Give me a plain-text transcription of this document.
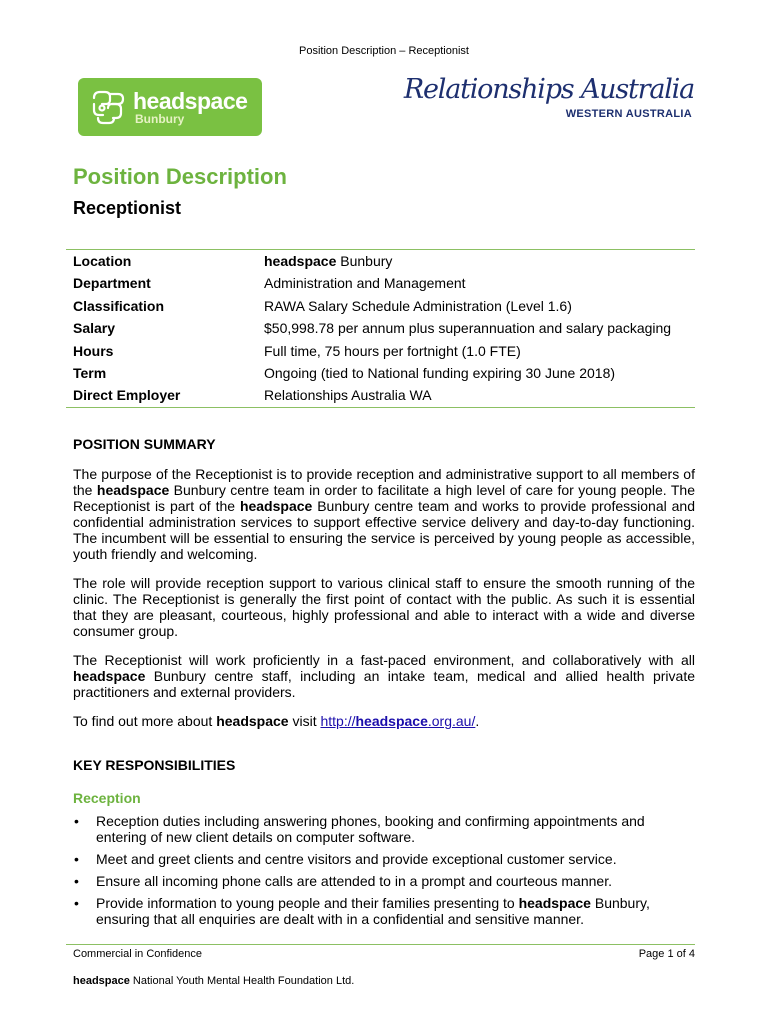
Position Description – Receptionist
headspace
Bunbury
Relationships Australia
WESTERN AUSTRALIA
Position Description
Receptionist
Location	headspace Bunbury
Department	Administration and Management
Classification	RAWA Salary Schedule Administration (Level 1.6)
Salary	$50,998.78 per annum plus superannuation and salary packaging
Hours	Full time, 75 hours per fortnight (1.0 FTE)
Term	Ongoing (tied to National funding expiring 30 June 2018)
Direct Employer	Relationships Australia WA
POSITION SUMMARY
The purpose of the Receptionist is to provide reception and administrative support to all members of the headspace Bunbury centre team in order to facilitate a high level of care for young people. The Receptionist is part of the headspace Bunbury centre team and works to provide professional and confidential administration services to support effective service delivery and day-to-day functioning. The incumbent will be essential to ensuring the service is perceived by young people as accessible, youth friendly and welcoming.
The role will provide reception support to various clinical staff to ensure the smooth running of the clinic. The Receptionist is generally the first point of contact with the public. As such it is essential that they are pleasant, courteous, highly professional and able to interact with a wide and diverse consumer group.
The Receptionist will work proficiently in a fast-paced environment, and collaboratively with all headspace Bunbury centre staff, including an intake team, medical and allied health private practitioners and external providers.
To find out more about headspace visit http://headspace.org.au/.
KEY RESPONSIBILITIES
Reception
• Reception duties including answering phones, booking and confirming appointments and entering of new client details on computer software.
• Meet and greet clients and centre visitors and provide exceptional customer service.
• Ensure all incoming phone calls are attended to in a prompt and courteous manner.
• Provide information to young people and their families presenting to headspace Bunbury, ensuring that all enquiries are dealt with in a confidential and sensitive manner.
Commercial in Confidence	Page 1 of 4
headspace National Youth Mental Health Foundation Ltd.
